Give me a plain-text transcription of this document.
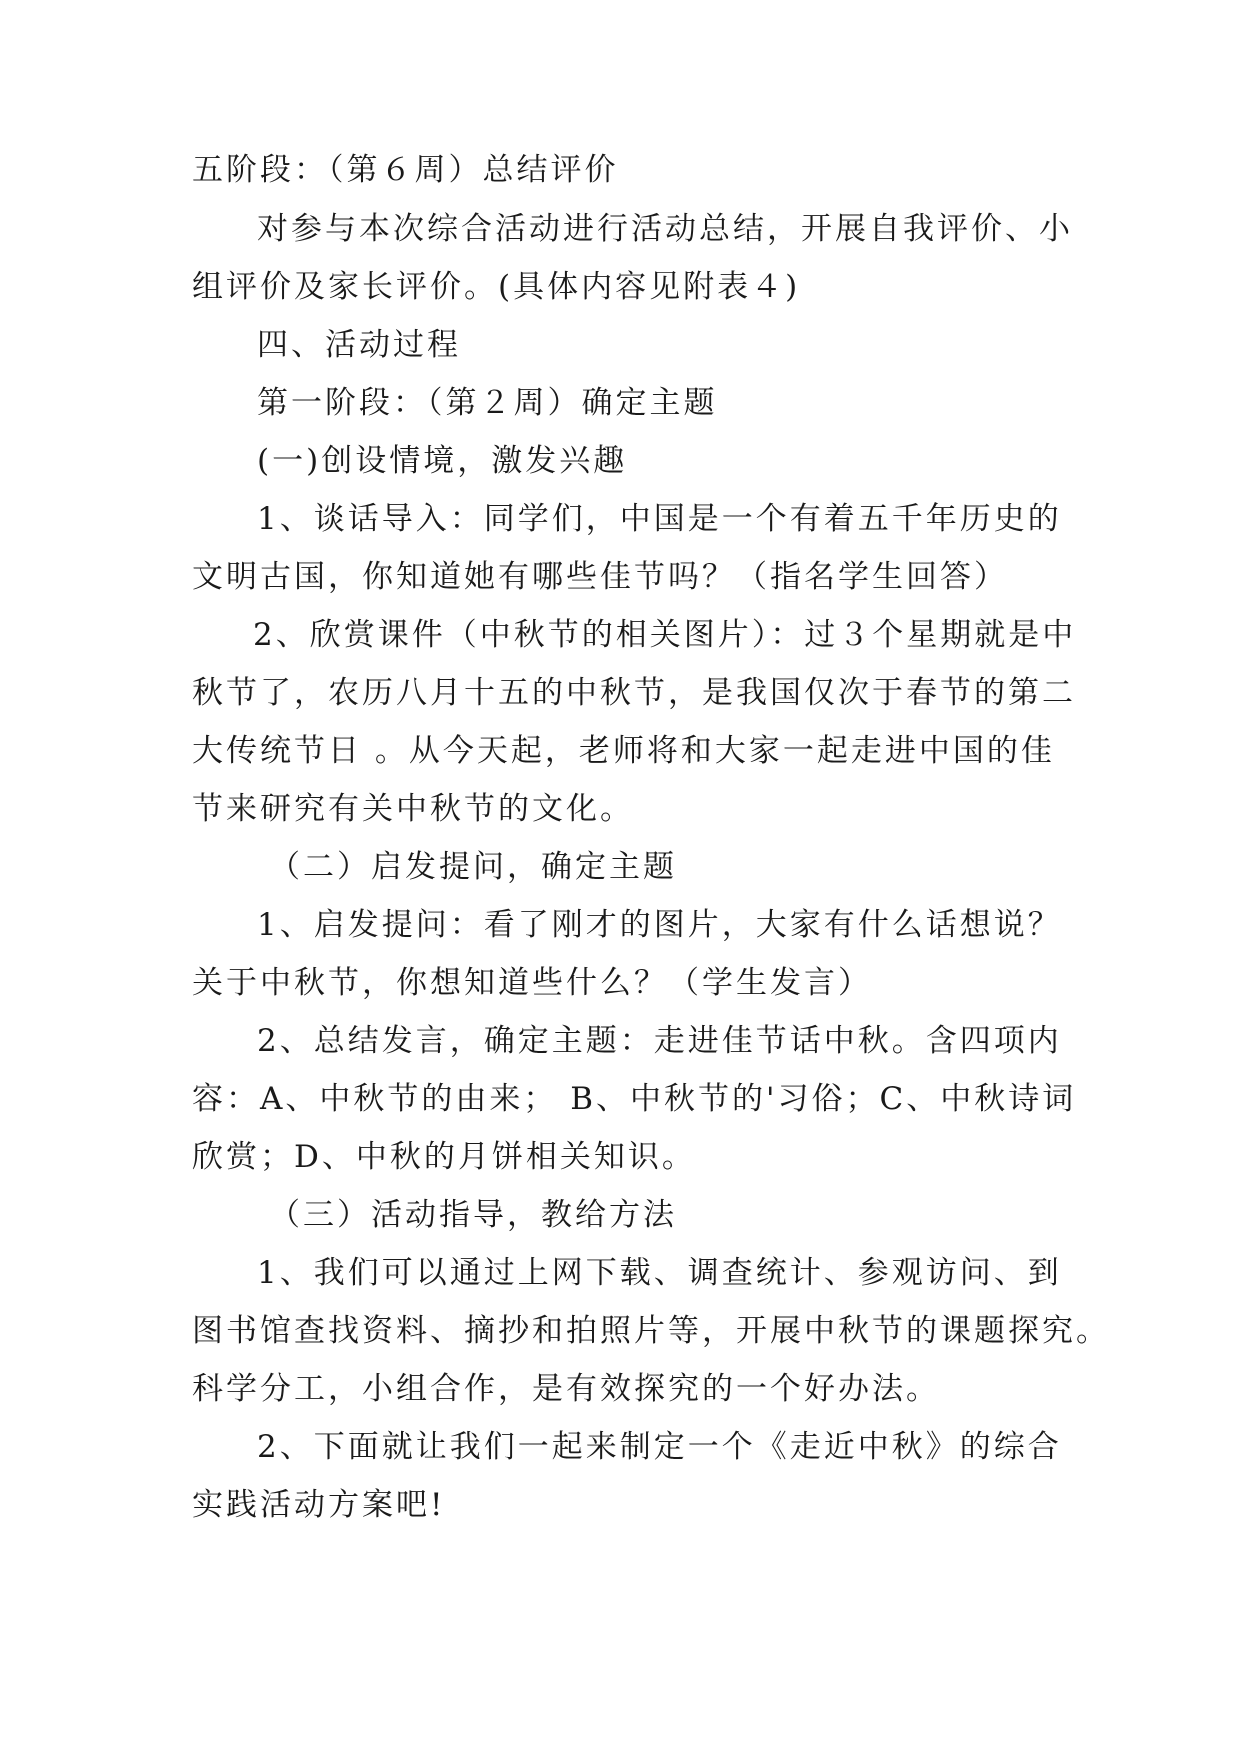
五阶段：（第６周）总结评价
对参与本次综合活动进行活动总结，开展自我评价、小
组评价及家长评价。(具体内容见附表４)
四、活动过程
第一阶段：（第２周）确定主题
(一)创设情境，激发兴趣
1、谈话导入：同学们，中国是一个有着五千年历史的
文明古国，你知道她有哪些佳节吗？（指名学生回答）
2、欣赏课件（中秋节的相关图片）：过３个星期就是中
秋节了，农历八月十五的中秋节，是我国仅次于春节的第二
大传统节日 。从今天起，老师将和大家一起走进中国的佳
节来研究有关中秋节的文化。
（二）启发提问，确定主题
1、启发提问：看了刚才的图片，大家有什么话想说？
关于中秋节，你想知道些什么？（学生发言）
2、总结发言，确定主题：走进佳节话中秋。含四项内
容：A、中秋节的由来； B、中秋节的'习俗；C、中秋诗词
欣赏；D、中秋的月饼相关知识。
（三）活动指导，教给方法
1、我们可以通过上网下载、调查统计、参观访问、到
图书馆查找资料、摘抄和拍照片等，开展中秋节的课题探究。
科学分工，小组合作，是有效探究的一个好办法。
2、下面就让我们一起来制定一个《走近中秋》的综合
实践活动方案吧!
